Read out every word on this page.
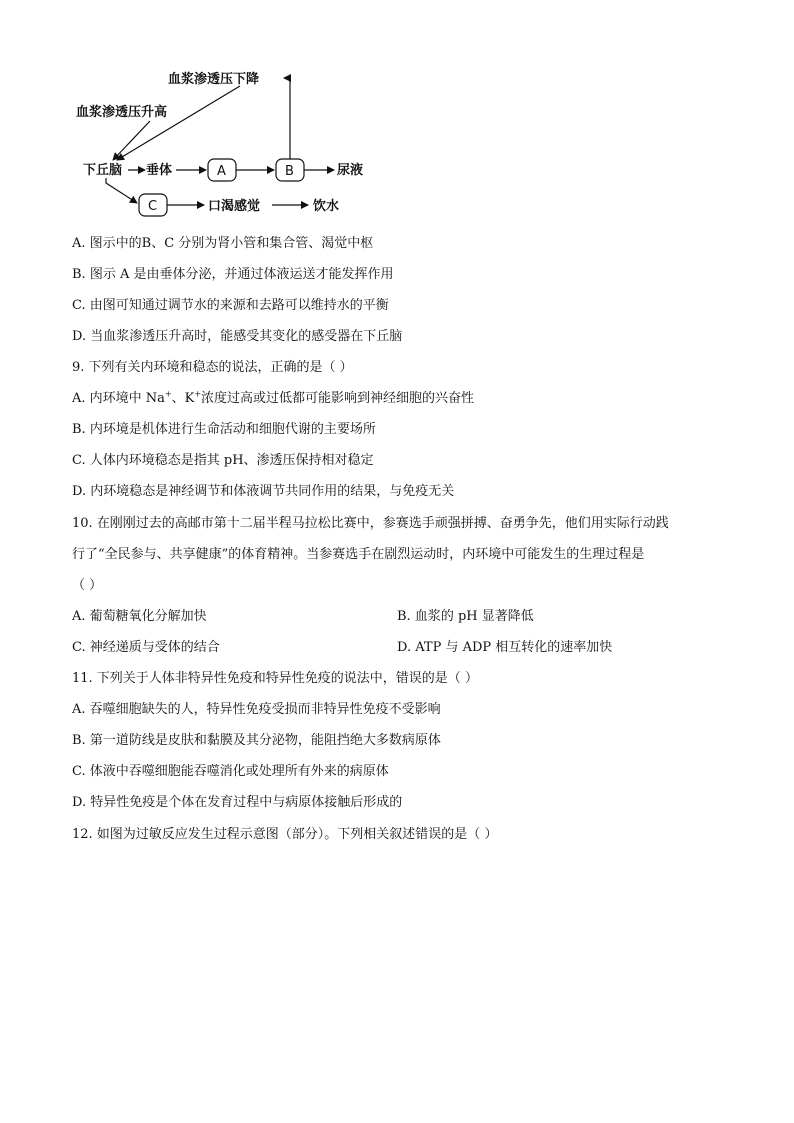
血浆渗透压下降
血浆渗透压升高
下丘脑 垂体	A	B	尿液
C	口渴感觉	饮水
A. 图示中的B、C 分别为肾小管和集合管、渴觉中枢
B. 图示 A 是由垂体分泌，并通过体液运送才能发挥作用
C. 由图可知通过调节水的来源和去路可以维持水的平衡
D. 当血浆渗透压升高时，能感受其变化的感受器在下丘脑
9. 下列有关内环境和稳态的说法，正确的是（ ）
A. 内环境中 Na+、K+浓度过高或过低都可能影响到神经细胞的兴奋性
B. 内环境是机体进行生命活动和细胞代谢的主要场所
C. 人体内环境稳态是指其 pH、渗透压保持相对稳定
D. 内环境稳态是神经调节和体液调节共同作用的结果，与免疫无关
10. 在刚刚过去的高邮市第十二届半程马拉松比赛中，参赛选手顽强拼搏、奋勇争先，他们用实际行动践
行了“全民参与、共享健康”的体育精神。当参赛选手在剧烈运动时，内环境中可能发生的生理过程是
（ ）
A. 葡萄糖氧化分解加快	B. 血浆的 pH 显著降低
C. 神经递质与受体的结合	D. ATP 与 ADP 相互转化的速率加快
11. 下列关于人体非特异性免疫和特异性免疫的说法中，错误的是（ ）
A. 吞噬细胞缺失的人，特异性免疫受损而非特异性免疫不受影响
B. 第一道防线是皮肤和黏膜及其分泌物，能阻挡绝大多数病原体
C. 体液中吞噬细胞能吞噬消化或处理所有外来的病原体
D. 特异性免疫是个体在发育过程中与病原体接触后形成的
12. 如图为过敏反应发生过程示意图（部分）。下列相关叙述错误的是（ ）
